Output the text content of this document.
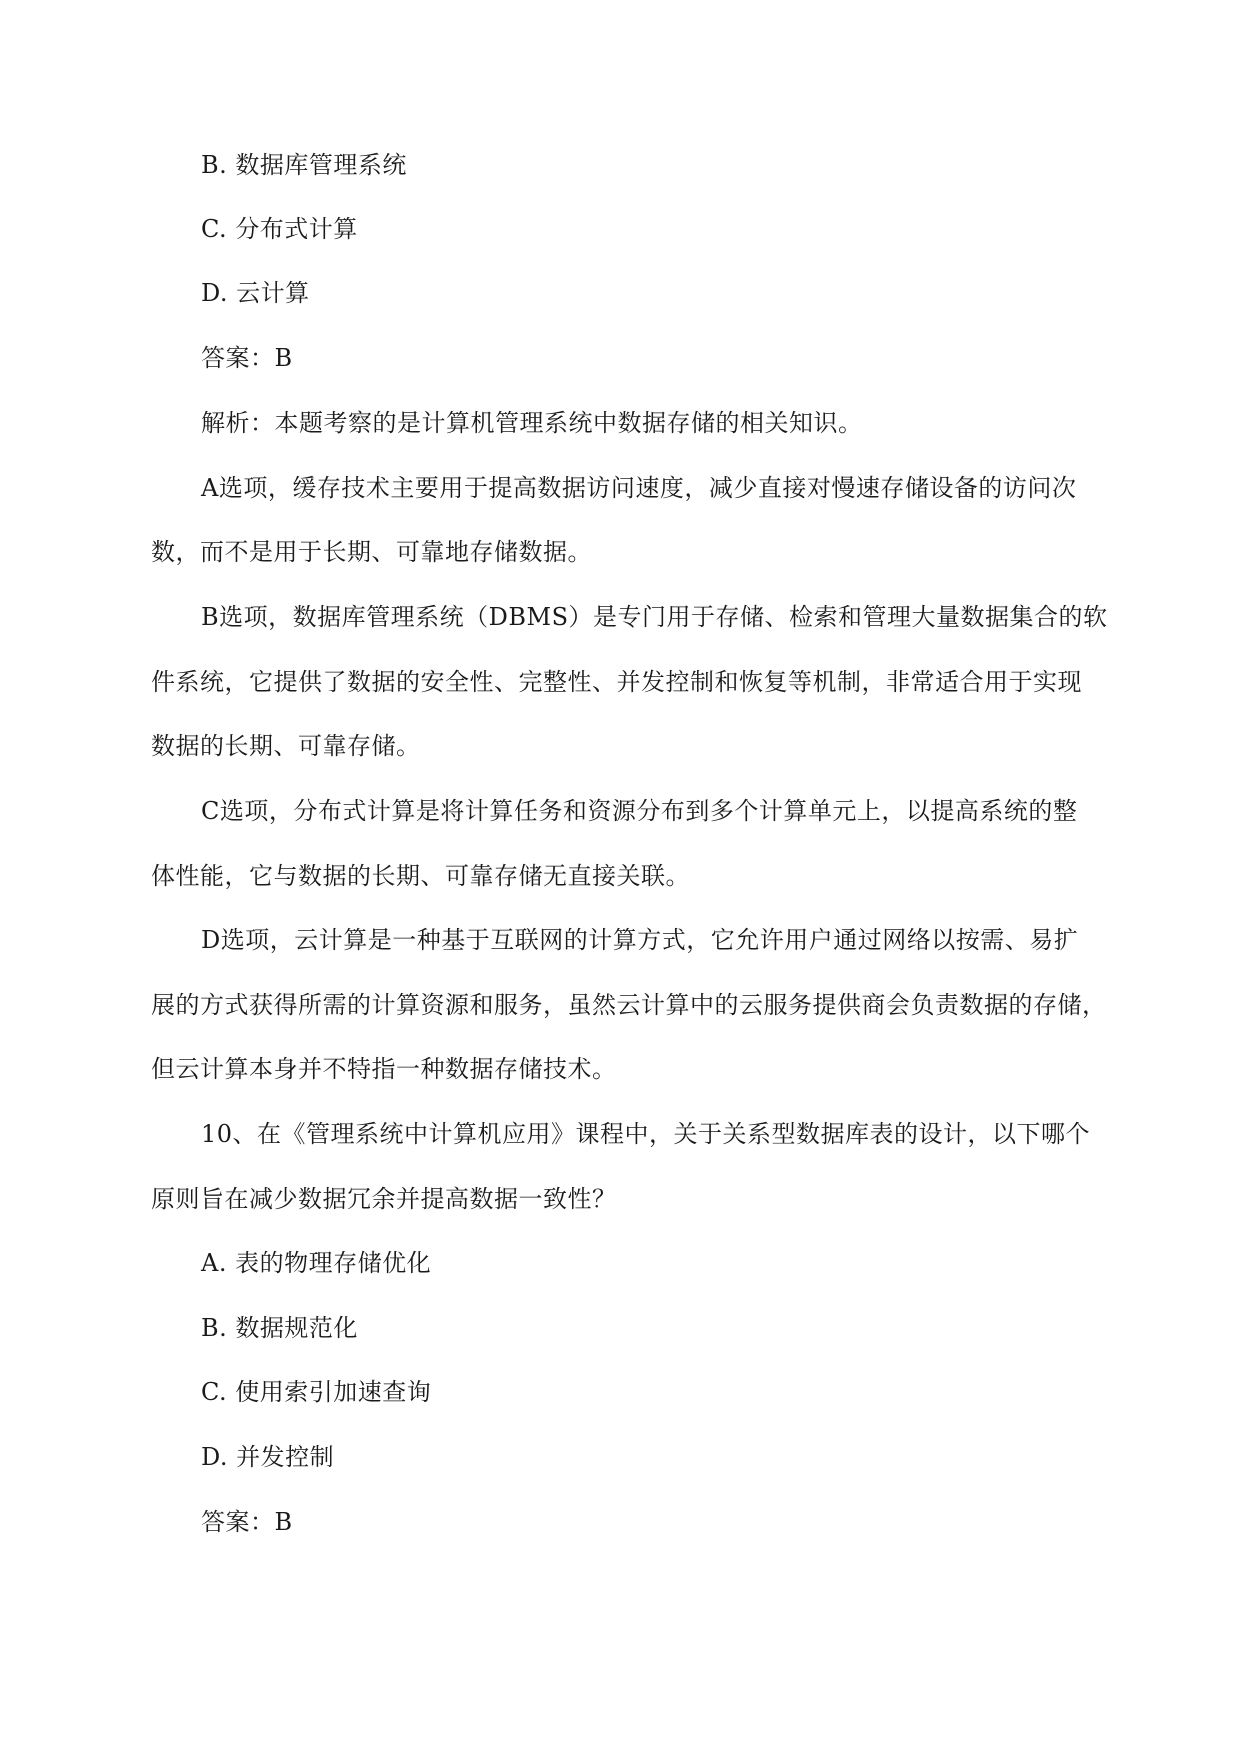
B. 数据库管理系统
C. 分布式计算
D. 云计算
答案：B
解析：本题考察的是计算机管理系统中数据存储的相关知识。
A选项，缓存技术主要用于提高数据访问速度，减少直接对慢速存储设备的访问次
数，而不是用于长期、可靠地存储数据。
B选项，数据库管理系统（DBMS）是专门用于存储、检索和管理大量数据集合的软
件系统，它提供了数据的安全性、完整性、并发控制和恢复等机制，非常适合用于实现
数据的长期、可靠存储。
C选项，分布式计算是将计算任务和资源分布到多个计算单元上，以提高系统的整
体性能，它与数据的长期、可靠存储无直接关联。
D选项，云计算是一种基于互联网的计算方式，它允许用户通过网络以按需、易扩
展的方式获得所需的计算资源和服务，虽然云计算中的云服务提供商会负责数据的存储，
但云计算本身并不特指一种数据存储技术。
10、在《管理系统中计算机应用》课程中，关于关系型数据库表的设计，以下哪个
原则旨在减少数据冗余并提高数据一致性？
A. 表的物理存储优化
B. 数据规范化
C. 使用索引加速查询
D. 并发控制
答案：B
